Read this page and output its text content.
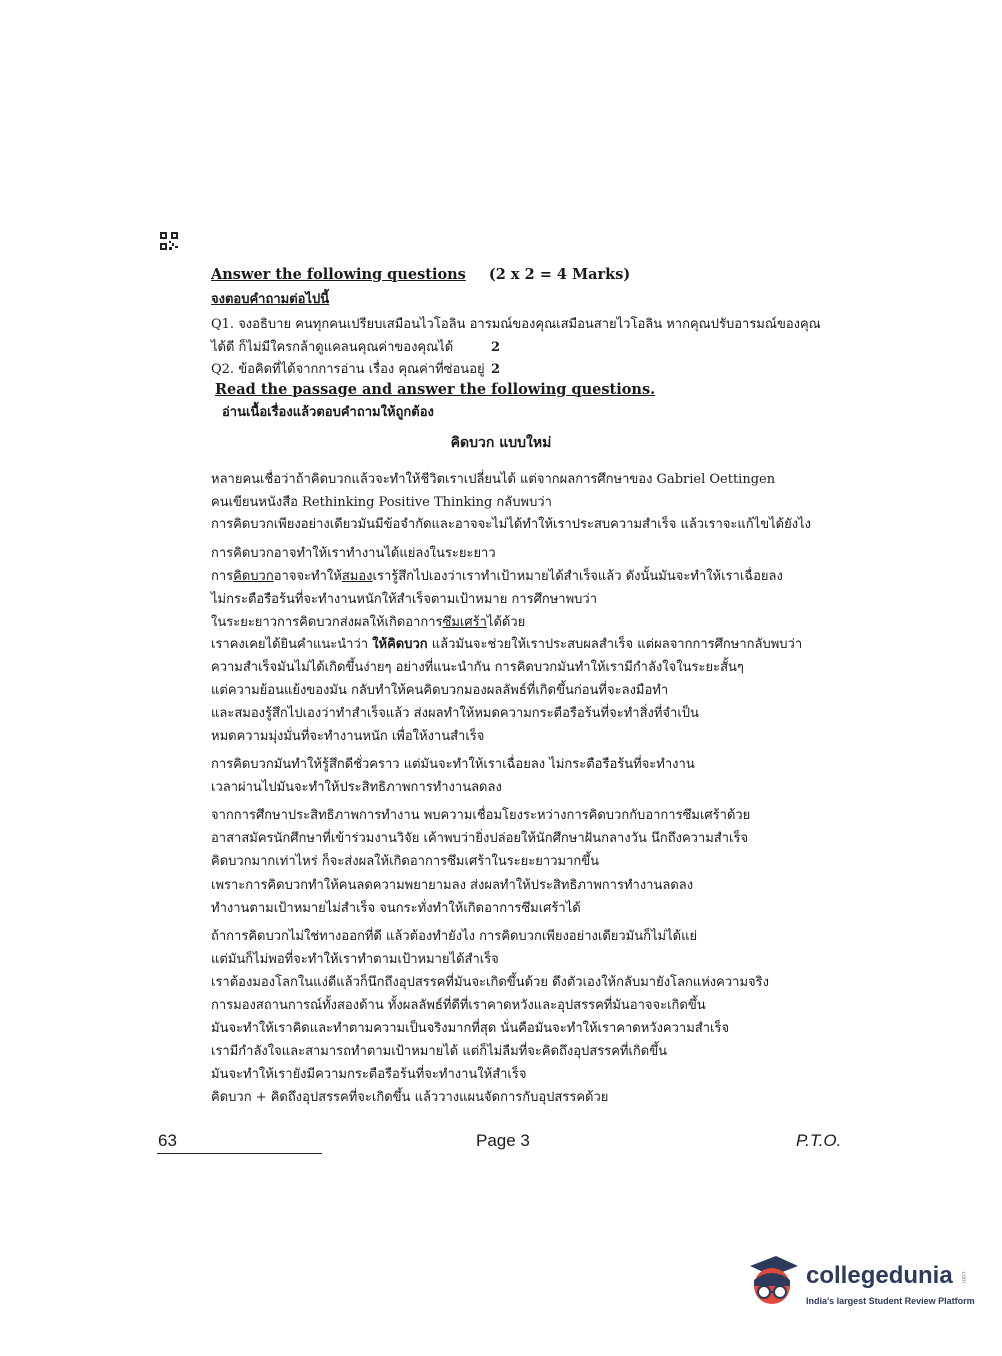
Answer the following questions (2 x 2 = 4 Marks)
จงตอบคำถามต่อไปนี้
Q1. จงอธิบาย คนทุกคนเปรียบเสมือนไวโอลิน อารมณ์ของคุณเสมือนสายไวโอลิน หากคุณปรับอารมณ์ของคุณ
ได้ดี ก็ไม่มีใครกล้าดูแคลนคุณค่าของคุณได้	2
Q2. ข้อคิดที่ได้จากการอ่าน เรื่อง คุณค่าที่ซ่อนอยู่ 2
Read the passage and answer the following questions.
อ่านเนื้อเรื่องแล้วตอบคำถามให้ถูกต้อง
คิดบวก แบบใหม่
หลายคนเชื่อว่าถ้าคิดบวกแล้วจะทำให้ชีวิตเราเปลี่ยนได้ แต่จากผลการศึกษาของ Gabriel Oettingen
คนเขียนหนังสือ Rethinking Positive Thinking กลับพบว่า
การคิดบวกเพียงอย่างเดียวมันมีข้อจำกัดและอาจจะไม่ได้ทำให้เราประสบความสำเร็จ แล้วเราจะแก้ไขได้ยังไง
การคิดบวกอาจทำให้เราทำงานได้แย่ลงในระยะยาว
การคิดบวกอาจจะทำให้สมองเรารู้สึกไปเองว่าเราทำเป้าหมายได้สำเร็จแล้ว ดังนั้นมันจะทำให้เราเฉื่อยลง
ไม่กระตือรือร้นที่จะทำงานหนักให้สำเร็จตามเป้าหมาย การศึกษาพบว่า
ในระยะยาวการคิดบวกส่งผลให้เกิดอาการซึมเศร้าได้ด้วย
เราคงเคยได้ยินคำแนะนำว่า ให้คิดบวก แล้วมันจะช่วยให้เราประสบผลสำเร็จ แต่ผลจากการศึกษากลับพบว่า
ความสำเร็จมันไม่ได้เกิดขึ้นง่ายๆ อย่างที่แนะนำกัน การคิดบวกมันทำให้เรามีกำลังใจในระยะสั้นๆ
แต่ความย้อนแย้งของมัน กลับทำให้คนคิดบวกมองผลลัพธ์ที่เกิดขึ้นก่อนที่จะลงมือทำ
และสมองรู้สึกไปเองว่าทำสำเร็จแล้ว ส่งผลทำให้หมดความกระตือรือร้นที่จะทำสิ่งที่จำเป็น
หมดความมุ่งมั่นที่จะทำงานหนัก เพื่อให้งานสำเร็จ
การคิดบวกมันทำให้รู้สึกดีชั่วคราว แต่มันจะทำให้เราเฉื่อยลง ไม่กระตือรือร้นที่จะทำงาน
เวลาผ่านไปมันจะทำให้ประสิทธิภาพการทำงานลดลง
จากการศึกษาประสิทธิภาพการทำงาน พบความเชื่อมโยงระหว่างการคิดบวกกับอาการซึมเศร้าด้วย
อาสาสมัครนักศึกษาที่เข้าร่วมงานวิจัย เค้าพบว่ายิ่งปล่อยให้นักศึกษาฝันกลางวัน นึกถึงความสำเร็จ
คิดบวกมากเท่าไหร่ ก็จะส่งผลให้เกิดอาการซึมเศร้าในระยะยาวมากขึ้น
เพราะการคิดบวกทำให้คนลดความพยายามลง ส่งผลทำให้ประสิทธิภาพการทำงานลดลง
ทำงานตามเป้าหมายไม่สำเร็จ จนกระทั่งทำให้เกิดอาการซึมเศร้าได้
ถ้าการคิดบวกไม่ใช่ทางออกที่ดี แล้วต้องทำยังไง การคิดบวกเพียงอย่างเดียวมันก็ไม่ได้แย่
แต่มันก็ไม่พอที่จะทำให้เราทำตามเป้าหมายได้สำเร็จ
เราต้องมองโลกในแง่ดีแล้วก็นึกถึงอุปสรรคที่มันจะเกิดขึ้นด้วย ดึงตัวเองให้กลับมายังโลกแห่งความจริง
การมองสถานการณ์ทั้งสองด้าน ทั้งผลลัพธ์ที่ดีที่เราคาดหวังและอุปสรรคที่มันอาจจะเกิดขึ้น
มันจะทำให้เราคิดและทำตามความเป็นจริงมากที่สุด นั่นคือมันจะทำให้เราคาดหวังความสำเร็จ
เรามีกำลังใจและสามารถทำตามเป้าหมายได้ แต่ก็ไม่ลืมที่จะคิดถึงอุปสรรคที่เกิดขึ้น
มันจะทำให้เรายังมีความกระตือรือร้นที่จะทำงานให้สำเร็จ
คิดบวก + คิดถึงอุปสรรคที่จะเกิดขึ้น แล้ววางแผนจัดการกับอุปสรรคด้วย
63	Page 3	P.T.O.
collegedunia .com
India's largest Student Review Platform
